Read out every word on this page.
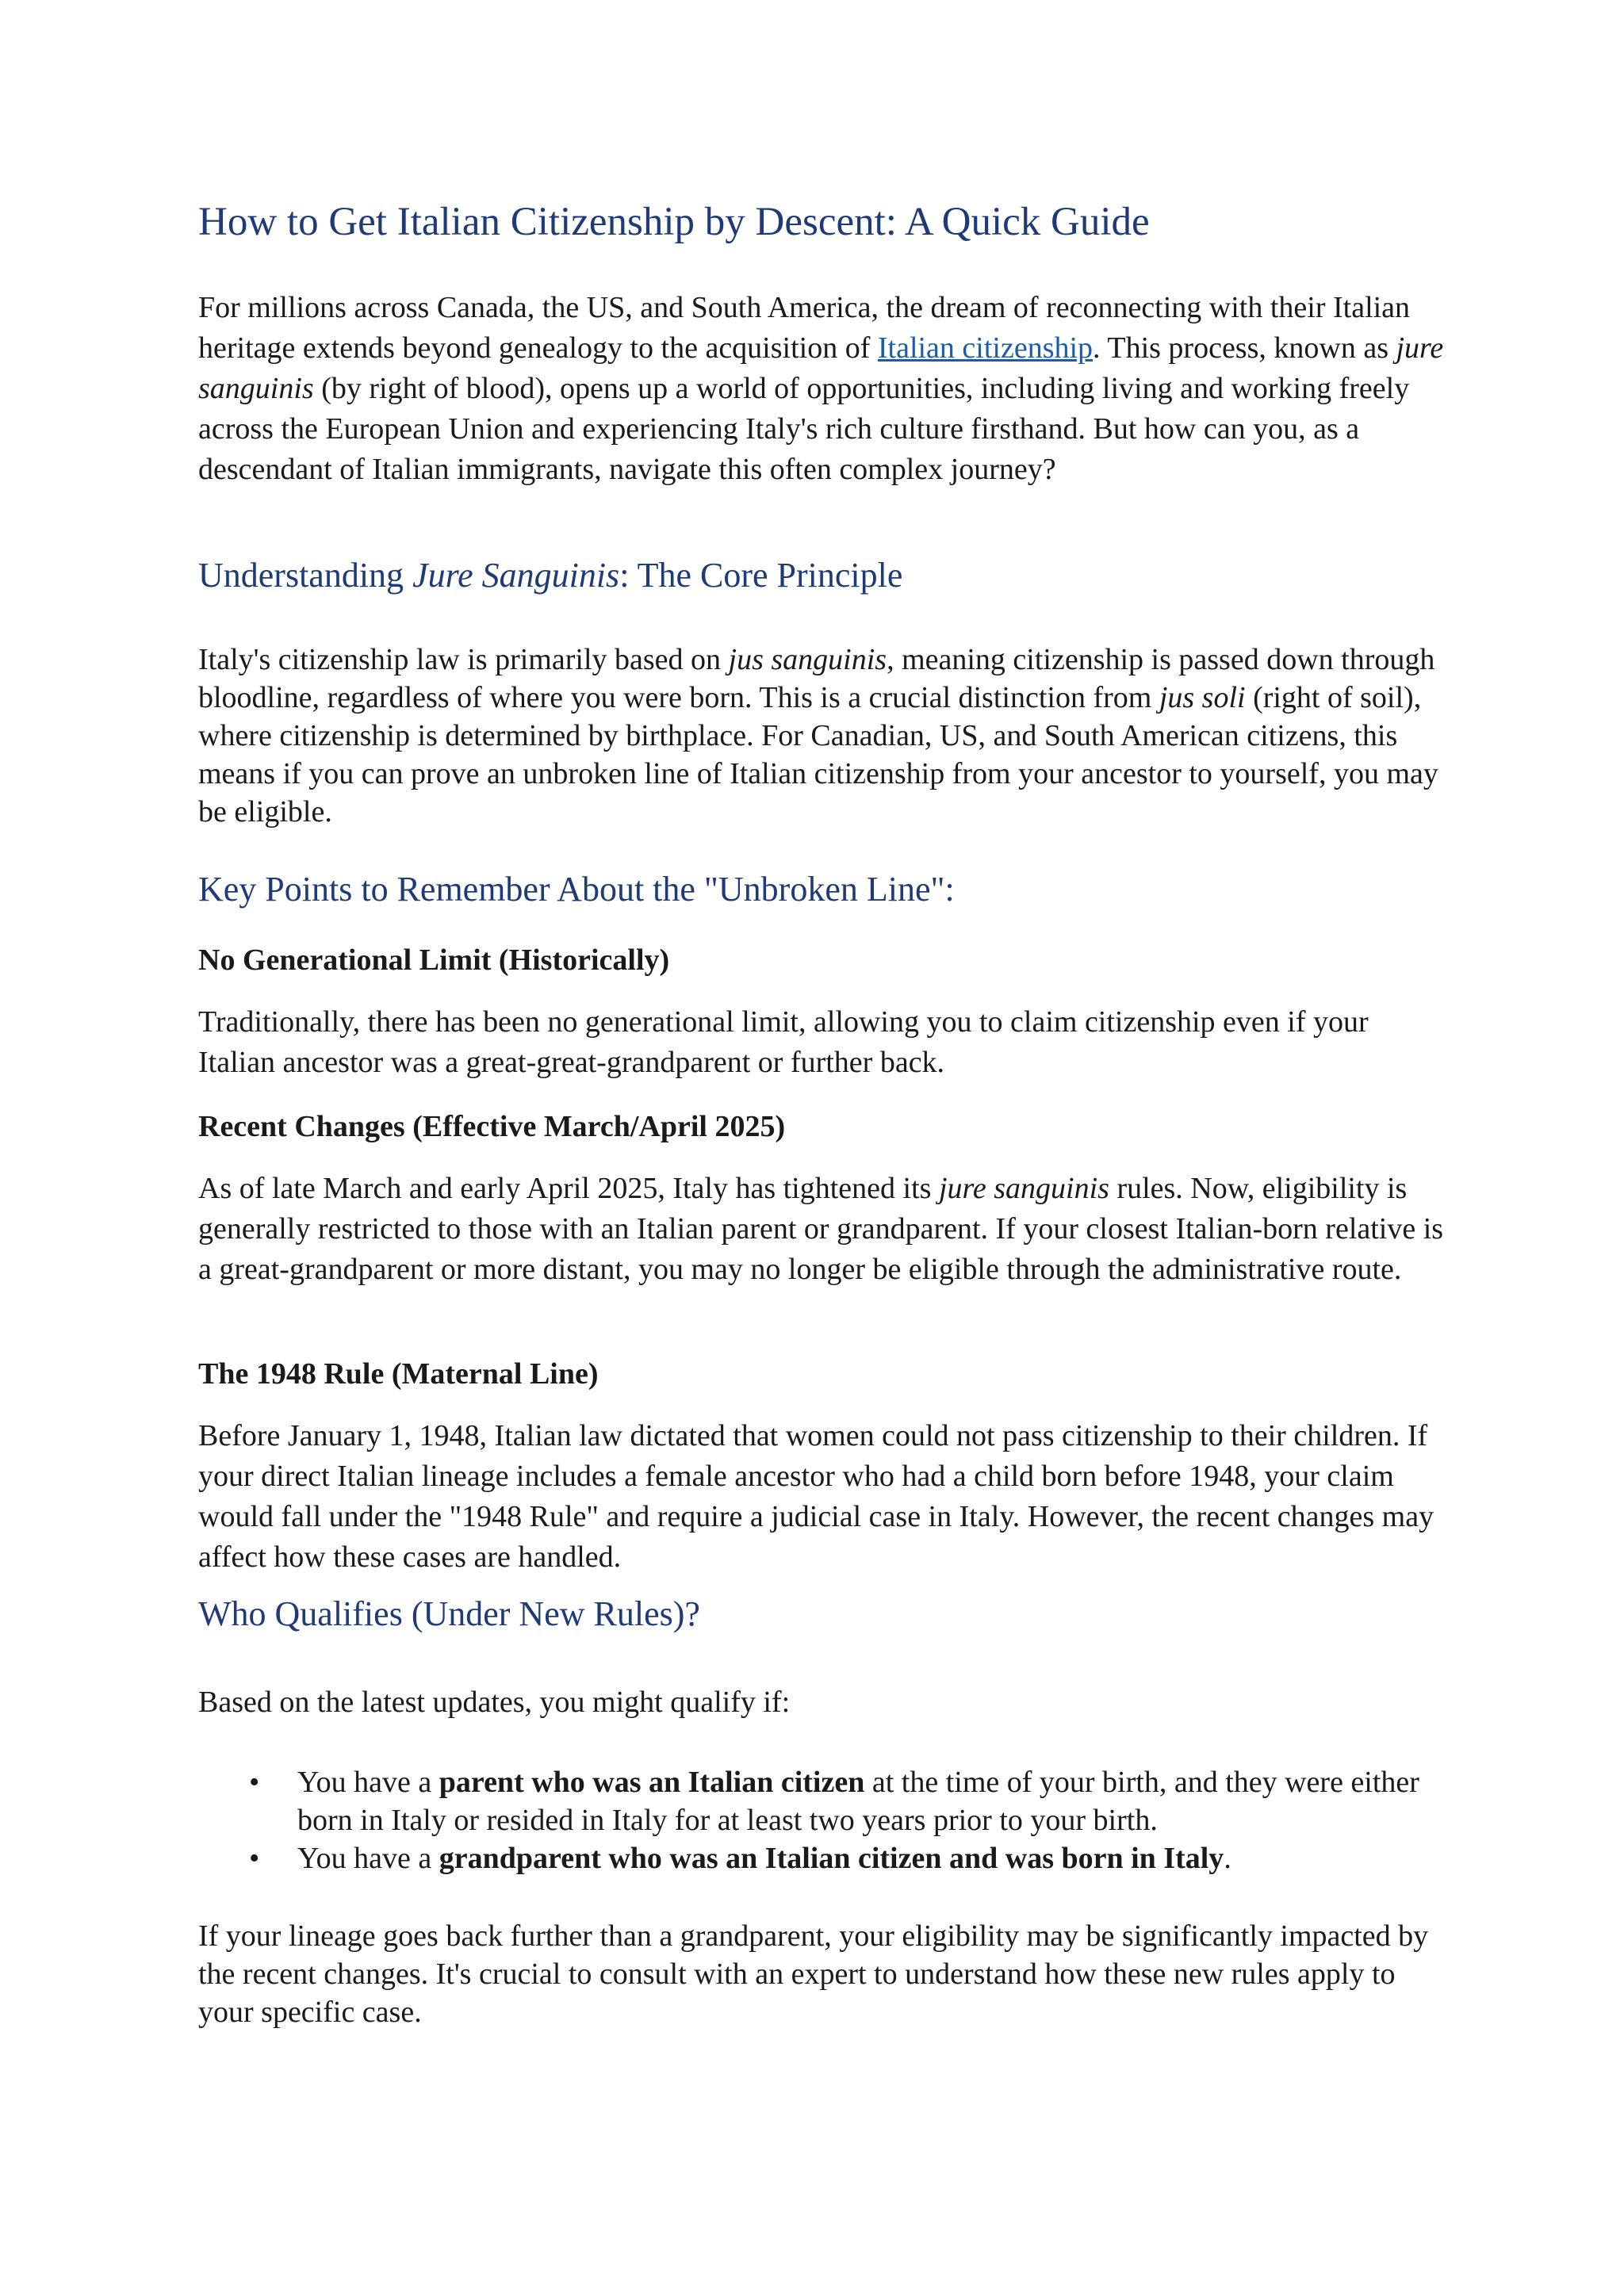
How to Get Italian Citizenship by Descent: A Quick Guide

For millions across Canada, the US, and South America, the dream of reconnecting with their Italian heritage extends beyond genealogy to the acquisition of Italian citizenship. This process, known as jure sanguinis (by right of blood), opens up a world of opportunities, including living and working freely across the European Union and experiencing Italy's rich culture firsthand. But how can you, as a descendant of Italian immigrants, navigate this often complex journey?

Understanding Jure Sanguinis: The Core Principle

Italy's citizenship law is primarily based on jus sanguinis, meaning citizenship is passed down through bloodline, regardless of where you were born. This is a crucial distinction from jus soli (right of soil), where citizenship is determined by birthplace. For Canadian, US, and South American citizens, this means if you can prove an unbroken line of Italian citizenship from your ancestor to yourself, you may be eligible.

Key Points to Remember About the "Unbroken Line":

No Generational Limit (Historically)

Traditionally, there has been no generational limit, allowing you to claim citizenship even if your Italian ancestor was a great-great-grandparent or further back.

Recent Changes (Effective March/April 2025)

As of late March and early April 2025, Italy has tightened its jure sanguinis rules. Now, eligibility is generally restricted to those with an Italian parent or grandparent. If your closest Italian-born relative is a great-grandparent or more distant, you may no longer be eligible through the administrative route.

The 1948 Rule (Maternal Line)

Before January 1, 1948, Italian law dictated that women could not pass citizenship to their children. If your direct Italian lineage includes a female ancestor who had a child born before 1948, your claim would fall under the "1948 Rule" and require a judicial case in Italy. However, the recent changes may affect how these cases are handled.

Who Qualifies (Under New Rules)?

Based on the latest updates, you might qualify if:

• You have a parent who was an Italian citizen at the time of your birth, and they were either born in Italy or resided in Italy for at least two years prior to your birth.
• You have a grandparent who was an Italian citizen and was born in Italy.

If your lineage goes back further than a grandparent, your eligibility may be significantly impacted by the recent changes. It's crucial to consult with an expert to understand how these new rules apply to your specific case.
